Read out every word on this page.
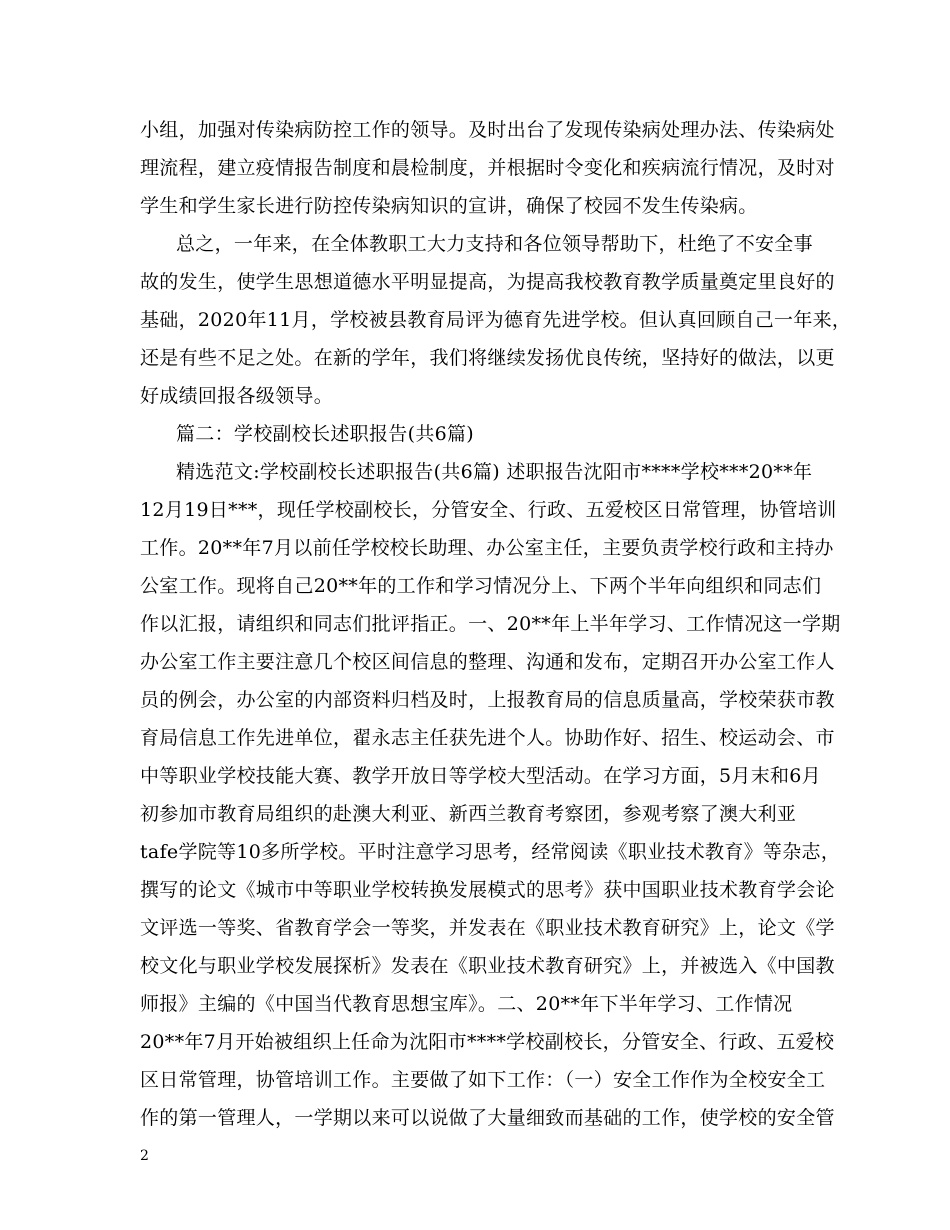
小组，加强对传染病防控工作的领导。及时出台了发现传染病处理办法、传染病处
理流程，建立疫情报告制度和晨检制度，并根据时令变化和疾病流行情况，及时对
学生和学生家长进行防控传染病知识的宣讲，确保了校园不发生传染病。
总之，一年来，在全体教职工大力支持和各位领导帮助下，杜绝了不安全事
故的发生，使学生思想道德水平明显提高，为提高我校教育教学质量奠定里良好的
基础，2020年11月，学校被县教育局评为德育先进学校。但认真回顾自己一年来，
还是有些不足之处。在新的学年，我们将继续发扬优良传统，坚持好的做法，以更
好成绩回报各级领导。
篇二：学校副校长述职报告(共6篇)
精选范文:学校副校长述职报告(共6篇) 述职报告沈阳市****学校***20**年
12月19日***，现任学校副校长，分管安全、行政、五爱校区日常管理，协管培训
工作。20**年7月以前任学校校长助理、办公室主任，主要负责学校行政和主持办
公室工作。现将自己20**年的工作和学习情况分上、下两个半年向组织和同志们
作以汇报，请组织和同志们批评指正。一、20**年上半年学习、工作情况这一学期
办公室工作主要注意几个校区间信息的整理、沟通和发布，定期召开办公室工作人
员的例会，办公室的内部资料归档及时，上报教育局的信息质量高，学校荣获市教
育局信息工作先进单位，翟永志主任获先进个人。协助作好、招生、校运动会、市
中等职业学校技能大赛、教学开放日等学校大型活动。在学习方面，5月末和6月
初参加市教育局组织的赴澳大利亚、新西兰教育考察团，参观考察了澳大利亚
tafe学院等10多所学校。平时注意学习思考，经常阅读《职业技术教育》等杂志，
撰写的论文《城市中等职业学校转换发展模式的思考》获中国职业技术教育学会论
文评选一等奖、省教育学会一等奖，并发表在《职业技术教育研究》上，论文《学
校文化与职业学校发展探析》发表在《职业技术教育研究》上，并被选入《中国教
师报》主编的《中国当代教育思想宝库》。二、20**年下半年学习、工作情况
20**年7月开始被组织上任命为沈阳市****学校副校长，分管安全、行政、五爱校
区日常管理，协管培训工作。主要做了如下工作：（一）安全工作作为全校安全工
作的第一管理人，一学期以来可以说做了大量细致而基础的工作，使学校的安全管
2
